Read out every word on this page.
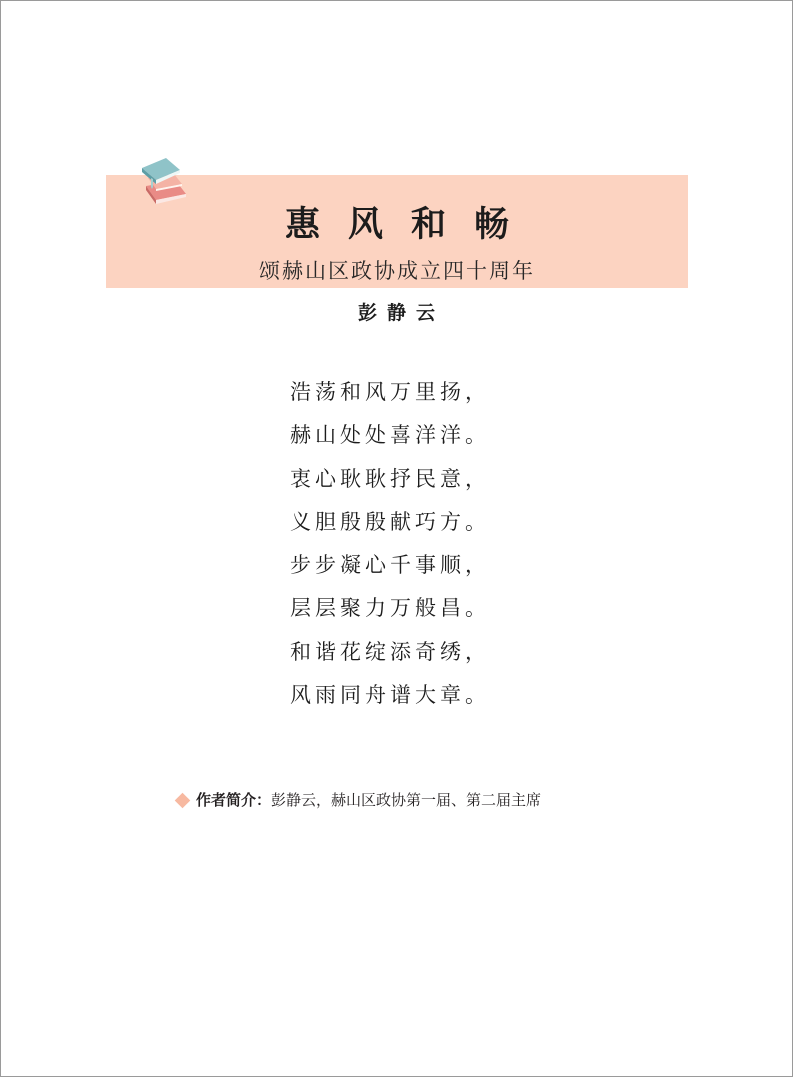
惠风和畅
颂赫山区政协成立四十周年
彭静云
浩荡和风万里扬，
赫山处处喜洋洋。
衷心耿耿抒民意，
义胆殷殷献巧方。
步步凝心千事顺，
层层聚力万般昌。
和谐花绽添奇绣，
风雨同舟谱大章。
作者简介：彭静云，赫山区政协第一届、第二届主席
